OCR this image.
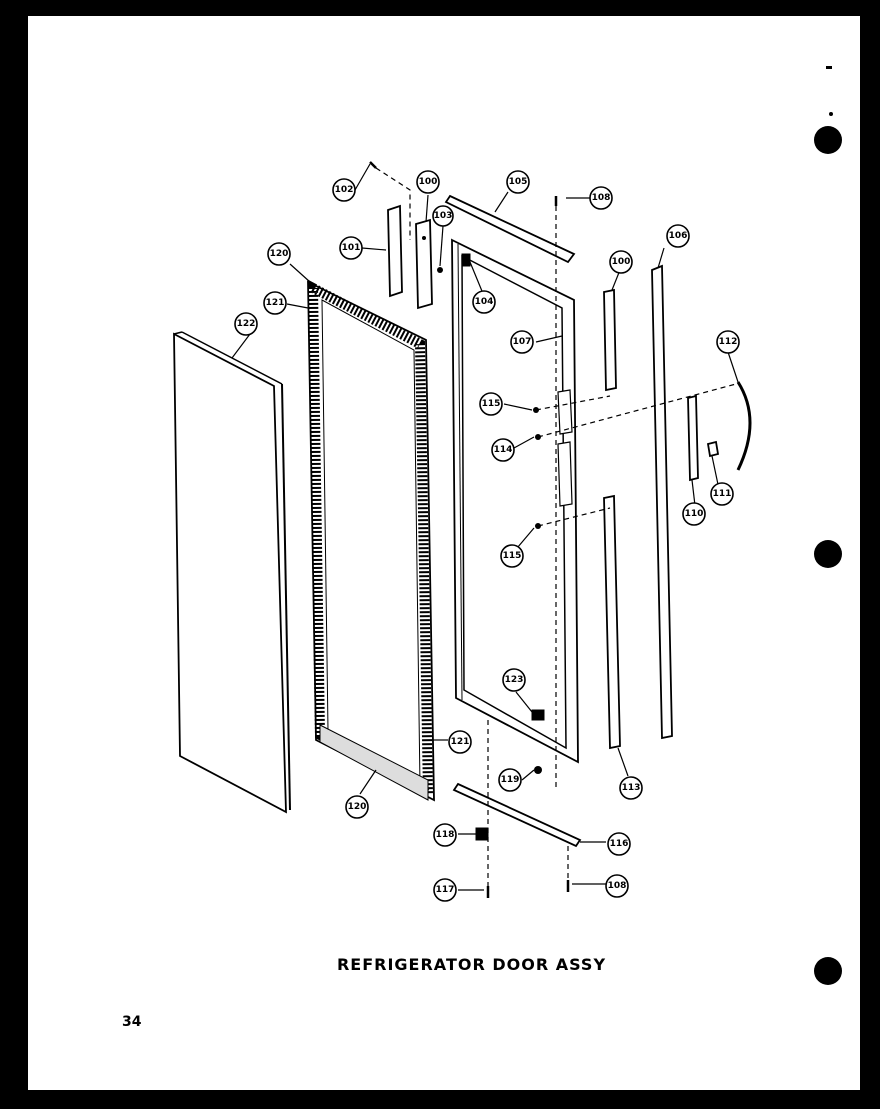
102
100	105
108
106
101
103
120
104
100
121
122
107	112
115
114
111
110
115
123
121
119
120
113
118
116
117	108
REFRIGERATOR DOOR ASSY
34
